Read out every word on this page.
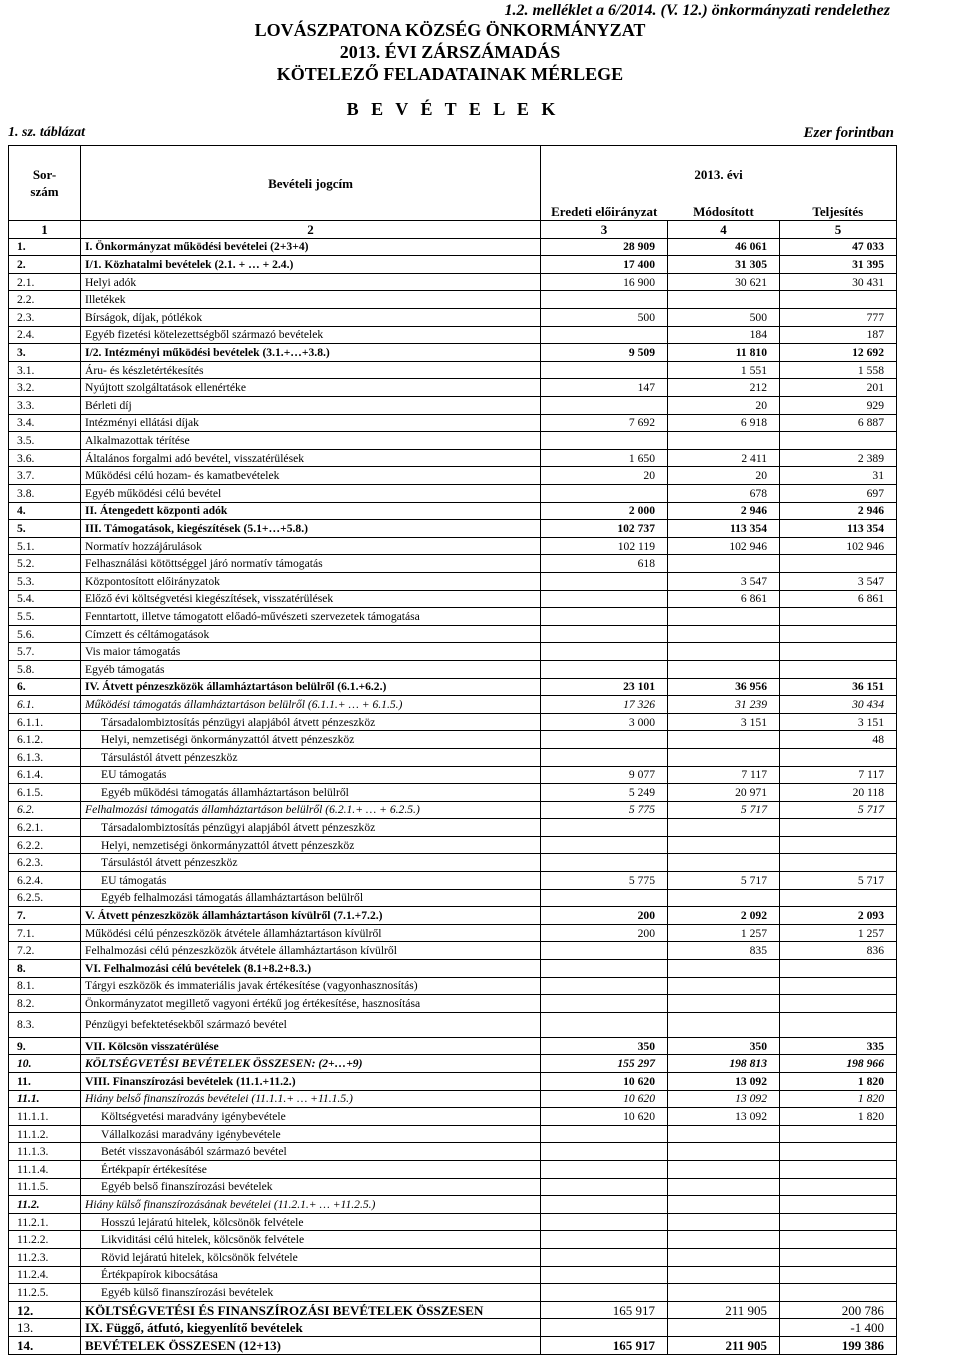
1.2. melléklet a 6/2014. (V. 12.) önkormányzati rendelethez
LOVÁSZPATONA KÖZSÉG ÖNKORMÁNYZAT
2013. ÉVI ZÁRSZÁMADÁS
KÖTELEZŐ FELADATAINAK MÉRLEGE
B E V É T E L E K
1. sz. táblázat	Ezer forintban
Sor-
szám	Bevételi jogcím	2013. évi		
		Eredeti előirányzat	Módosított	Teljesítés
1	2	3	4	5
1.	I. Önkormányzat működési bevételei (2+3+4)	28 909	46 061	47 033
2.	I/1. Közhatalmi bevételek (2.1. + … + 2.4.)	17 400	31 305	31 395
2.1.	Helyi adók	16 900	30 621	30 431
2.2.	Illetékek			
2.3.	Bírságok, díjak, pótlékok	500	500	777
2.4.	Egyéb fizetési kötelezettségből származó bevételek		184	187
3.	I/2. Intézményi működési bevételek (3.1.+…+3.8.)	9 509	11 810	12 692
3.1.	Áru- és készletértékesítés		1 551	1 558
3.2.	Nyújtott szolgáltatások ellenértéke	147	212	201
3.3.	Bérleti díj		20	929
3.4.	Intézményi ellátási díjak	7 692	6 918	6 887
3.5.	Alkalmazottak térítése			
3.6.	Általános forgalmi adó bevétel, visszatérülések	1 650	2 411	2 389
3.7.	Működési célú hozam- és kamatbevételek	20	20	31
3.8.	Egyéb működési célú bevétel		678	697
4.	II. Átengedett központi adók	2 000	2 946	2 946
5.	III. Támogatások, kiegészítések (5.1+…+5.8.)	102 737	113 354	113 354
5.1.	Normatív hozzájárulások	102 119	102 946	102 946
5.2.	Felhasználási kötöttséggel járó normatív támogatás	618		
5.3.	Központosított előirányzatok		3 547	3 547
5.4.	Előző évi költségvetési kiegészítések, visszatérülések		6 861	6 861
5.5.	Fenntartott, illetve támogatott előadó-művészeti szervezetek támogatása			
5.6.	Címzett és céltámogatások			
5.7.	Vis maior támogatás			
5.8.	Egyéb támogatás			
6.	IV. Átvett pénzeszközök államháztartáson belülről (6.1.+6.2.)	23 101	36 956	36 151
6.1.	Működési támogatás államháztartáson belülről (6.1.1.+ … + 6.1.5.)	17 326	31 239	30 434
6.1.1.	Társadalombiztosítás pénzügyi alapjából átvett pénzeszköz	3 000	3 151	3 151
6.1.2.	Helyi, nemzetiségi önkormányzattól átvett pénzeszköz			48
6.1.3.	Társulástól átvett pénzeszköz			
6.1.4.	EU támogatás	9 077	7 117	7 117
6.1.5.	Egyéb működési támogatás államháztartáson belülről	5 249	20 971	20 118
6.2.	Felhalmozási támogatás államháztartáson belülről (6.2.1.+ … + 6.2.5.)	5 775	5 717	5 717
6.2.1.	Társadalombiztosítás pénzügyi alapjából átvett pénzeszköz			
6.2.2.	Helyi, nemzetiségi önkormányzattól átvett pénzeszköz			
6.2.3.	Társulástól átvett pénzeszköz			
6.2.4.	EU támogatás	5 775	5 717	5 717
6.2.5.	Egyéb felhalmozási támogatás államháztartáson belülről			
7.	V. Átvett pénzeszközök államháztartáson kívülről (7.1.+7.2.)	200	2 092	2 093
7.1.	Működési célú pénzeszközök átvétele államháztartáson kívülről	200	1 257	1 257
7.2.	Felhalmozási célú pénzeszközök átvétele államháztartáson kívülről		835	836
8.	VI. Felhalmozási célú bevételek (8.1+8.2+8.3.)			
8.1.	Tárgyi eszközök és immateriális javak értékesítése (vagyonhasznosítás)			
8.2.	Önkormányzatot megillető vagyoni értékű jog értékesítése, hasznosítása			
8.3.	Pénzügyi befektetésekből származó bevétel			
9.	VII. Kölcsön visszatérülése	350	350	335
10.	KÖLTSÉGVETÉSI BEVÉTELEK ÖSSZESEN: (2+…+9)	155 297	198 813	198 966
11.	VIII. Finanszírozási bevételek (11.1.+11.2.)	10 620	13 092	1 820
11.1.	Hiány belső finanszírozás bevételei (11.1.1.+ … +11.1.5.)	10 620	13 092	1 820
11.1.1.	Költségvetési maradvány igénybevétele	10 620	13 092	1 820
11.1.2.	Vállalkozási maradvány igénybevétele			
11.1.3.	Betét visszavonásából származó bevétel			
11.1.4.	Értékpapír értékesítése			
11.1.5.	Egyéb belső finanszírozási bevételek			
11.2.	Hiány külső finanszírozásának bevételei (11.2.1.+ … +11.2.5.)			
11.2.1.	Hosszú lejáratú hitelek, kölcsönök felvétele			
11.2.2.	Likviditási célú hitelek, kölcsönök felvétele			
11.2.3.	Rövid lejáratú hitelek, kölcsönök felvétele			
11.2.4.	Értékpapírok kibocsátása			
11.2.5.	Egyéb külső finanszírozási bevételek			
12.	KÖLTSÉGVETÉSI ÉS FINANSZÍROZÁSI BEVÉTELEK ÖSSZESEN	165 917	211 905	200 786
13.	IX. Függő, átfutó, kiegyenlítő bevételek			-1 400
14.	BEVÉTELEK ÖSSZESEN (12+13)	165 917	211 905	199 386
